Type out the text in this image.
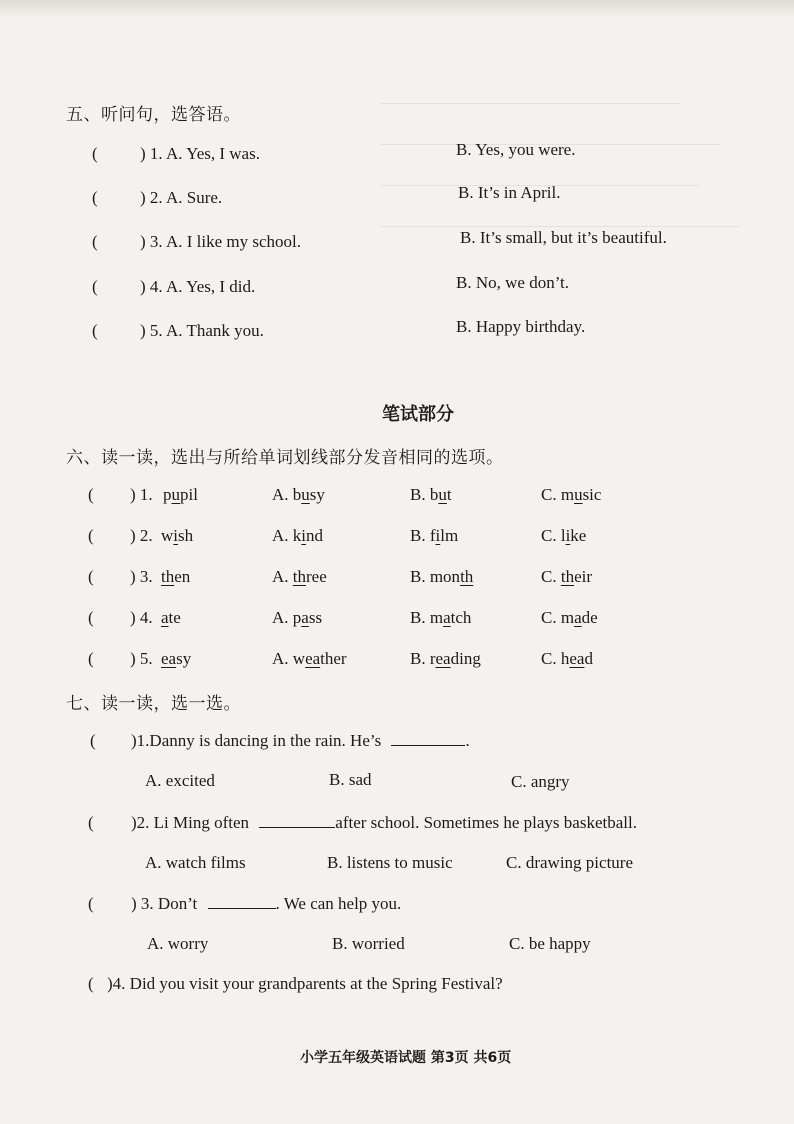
五、听问句，选答语。
( ) 1. A. Yes, I was.	B. Yes, you were.
( ) 2. A. Sure.	B. It’s in April.
( ) 3. A. I like my school.	B. It’s small, but it’s beautiful.
( ) 4. A. Yes, I did.	B. No, we don’t.
( ) 5. A. Thank you.	B. Happy birthday.
笔试部分
六、读一读，选出与所给单词划线部分发音相同的选项。
( ) 1. pupil	A. busy	B. but	C. music
( ) 2. wish	A. kind	B. film	C. like
( ) 3. then	A. three	B. month	C. their
( ) 4. ate	A. pass	B. match	C. made
( ) 5. easy	A. weather	B. reading	C. head
七、读一读，选一选。
( )1.Danny is dancing in the rain. He’s	.
A. excited	B. sad	C. angry
( )2. Li Ming often	after school. Sometimes he plays basketball.
A. watch films	B. listens to music	C. drawing picture
( ) 3. Don’t	. We can help you.
A. worry	B. worried	C. be happy
( )4. Did you visit your grandparents at the Spring Festival?
小学五年级英语试题 第3页 共6页
